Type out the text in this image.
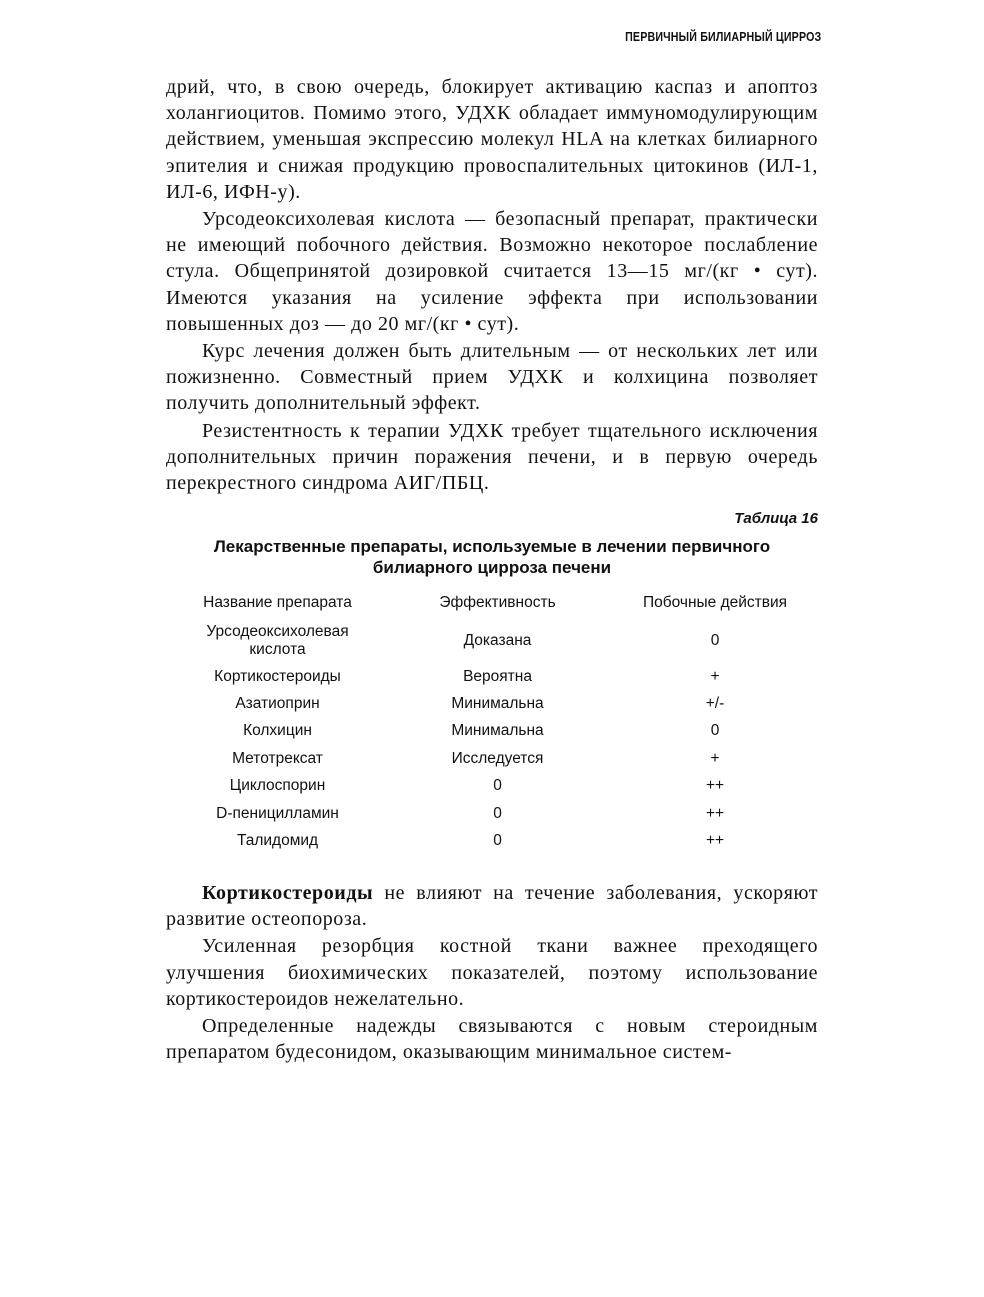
ПЕРВИЧНЫЙ БИЛИАРНЫЙ ЦИРРОЗ

дрий, что, в свою очередь, блокирует активацию каспаз и апоптоз холангиоцитов. Помимо этого, УДХК обладает иммуномодулирующим действием, уменьшая экспрессию молекул HLA на клетках билиарного эпителия и снижая продукцию провоспалительных цитокинов (ИЛ-1, ИЛ-6, ИФН-у).

Урсодеоксихолевая кислота — безопасный препарат, практически не имеющий побочного действия. Возможно некоторое послабление стула. Общепринятой дозировкой считается 13—15 мг/(кг • сут). Имеются указания на усиление эффекта при использовании повышенных доз — до 20 мг/(кг • сут).

Курс лечения должен быть длительным — от нескольких лет или пожизненно. Совместный прием УДХК и колхицина позволяет получить дополнительный эффект.

Резистентность к терапии УДХК требует тщательного исключения дополнительных причин поражения печени, и в первую очередь перекрестного синдрома АИГ/ПБЦ.

Таблица 16
Лекарственные препараты, используемые в лечении первичного билиарного цирроза печени
Название препарата	Эффективность	Побочные действия
Урсодеоксихолевая кислота	Доказана	0
Кортикостероиды	Вероятна	+
Азатиоприн	Минимальна	+/-
Колхицин	Минимальна	0
Метотрексат	Исследуется	+
Циклоспорин	0	++
D-пеницилламин	0	++
Талидомид	0	++

Кортикостероиды не влияют на течение заболевания, ускоряют развитие остеопороза.

Усиленная резорбция костной ткани важнее преходящего улучшения биохимических показателей, поэтому использование кортикостероидов нежелательно.

Определенные надежды связываются с новым стероидным препаратом будесонидом, оказывающим минимальное систем-
